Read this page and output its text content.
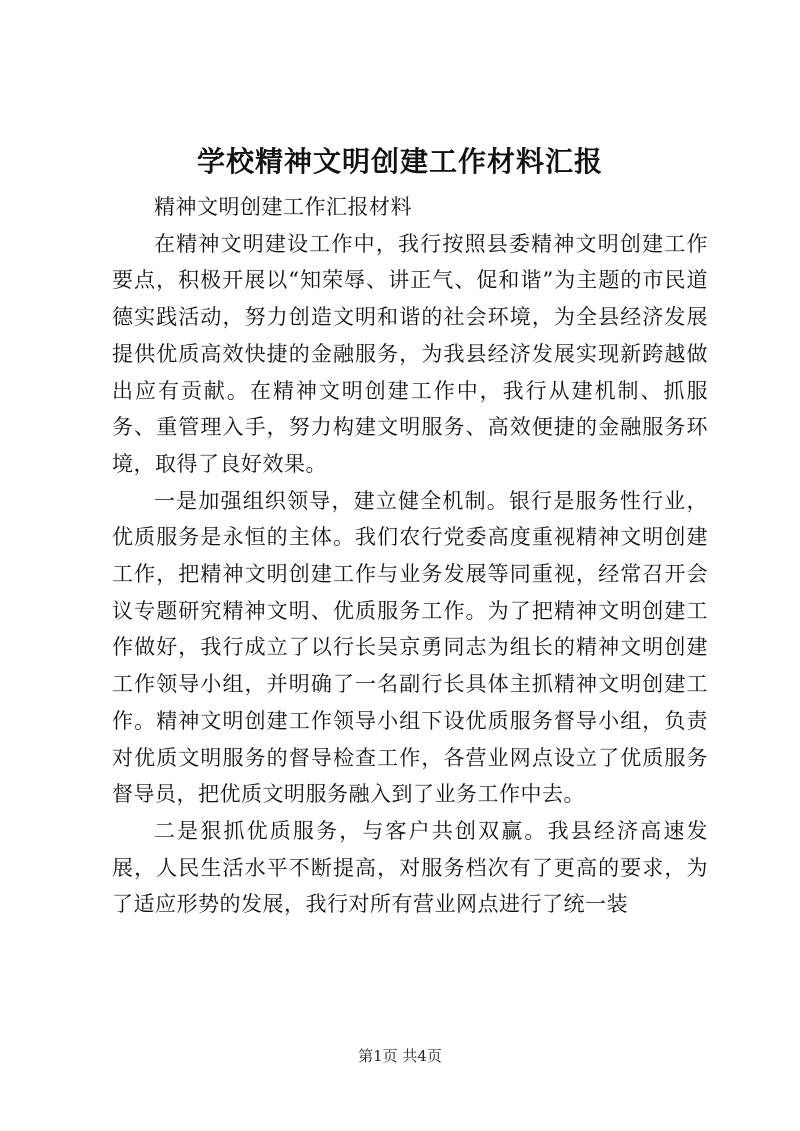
学校精神文明创建工作材料汇报

精神文明创建工作汇报材料

在精神文明建设工作中，我行按照县委精神文明创建工作要点，积极开展以“知荣辱、讲正气、促和谐”为主题的市民道德实践活动，努力创造文明和谐的社会环境，为全县经济发展提供优质高效快捷的金融服务，为我县经济发展实现新跨越做出应有贡献。在精神文明创建工作中，我行从建机制、抓服务、重管理入手，努力构建文明服务、高效便捷的金融服务环境，取得了良好效果。

一是加强组织领导，建立健全机制。银行是服务性行业，优质服务是永恒的主体。我们农行党委高度重视精神文明创建工作，把精神文明创建工作与业务发展等同重视，经常召开会议专题研究精神文明、优质服务工作。为了把精神文明创建工作做好，我行成立了以行长吴京勇同志为组长的精神文明创建工作领导小组，并明确了一名副行长具体主抓精神文明创建工作。精神文明创建工作领导小组下设优质服务督导小组，负责对优质文明服务的督导检查工作，各营业网点设立了优质服务督导员，把优质文明服务融入到了业务工作中去。

二是狠抓优质服务，与客户共创双赢。我县经济高速发展，人民生活水平不断提高，对服务档次有了更高的要求，为了适应形势的发展，我行对所有营业网点进行了统一装

第1页 共4页
